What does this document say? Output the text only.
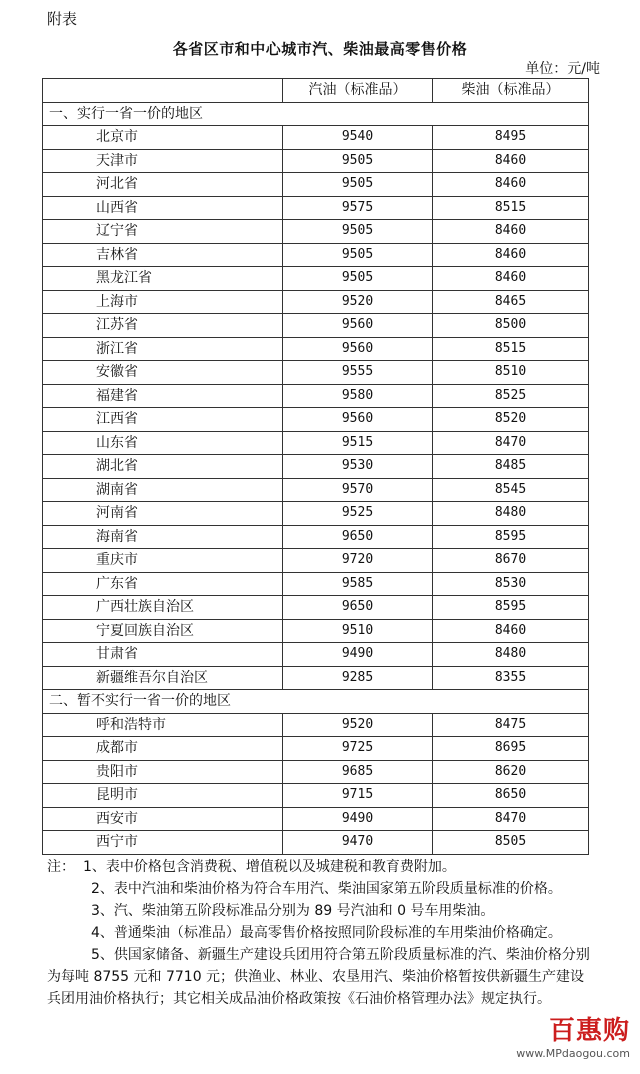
附表
各省区市和中心城市汽、柴油最高零售价格
单位：元/吨
	汽油（标准品）	柴油（标准品）
一、实行一省一价的地区		
北京市	9540	8495
天津市	9505	8460
河北省	9505	8460
山西省	9575	8515
辽宁省	9505	8460
吉林省	9505	8460
黑龙江省	9505	8460
上海市	9520	8465
江苏省	9560	8500
浙江省	9560	8515
安徽省	9555	8510
福建省	9580	8525
江西省	9560	8520
山东省	9515	8470
湖北省	9530	8485
湖南省	9570	8545
河南省	9525	8480
海南省	9650	8595
重庆市	9720	8670
广东省	9585	8530
广西壮族自治区	9650	8595
宁夏回族自治区	9510	8460
甘肃省	9490	8480
新疆维吾尔自治区	9285	8355
二、暂不实行一省一价的地区		
呼和浩特市	9520	8475
成都市	9725	8695
贵阳市	9685	8620
昆明市	9715	8650
西安市	9490	8470
西宁市	9470	8505

注： 1、表中价格包含消费税、增值税以及城建税和教育费附加。

2、表中汽油和柴油价格为符合车用汽、柴油国家第五阶段质量标准的价格。

3、汽、柴油第五阶段标准品分别为 89 号汽油和 0 号车用柴油。

4、普通柴油（标准品）最高零售价格按照同阶段标准的车用柴油价格确定。

5、供国家储备、新疆生产建设兵团用符合第五阶段质量标准的汽、柴油价格分别为每吨 8755 元和 7710 元；供渔业、林业、农垦用汽、柴油价格暂按供新疆生产建设兵团用油价格执行；其它相关成品油价格政策按《石油价格管理办法》规定执行。

百惠购
www.MPdaogou.com
